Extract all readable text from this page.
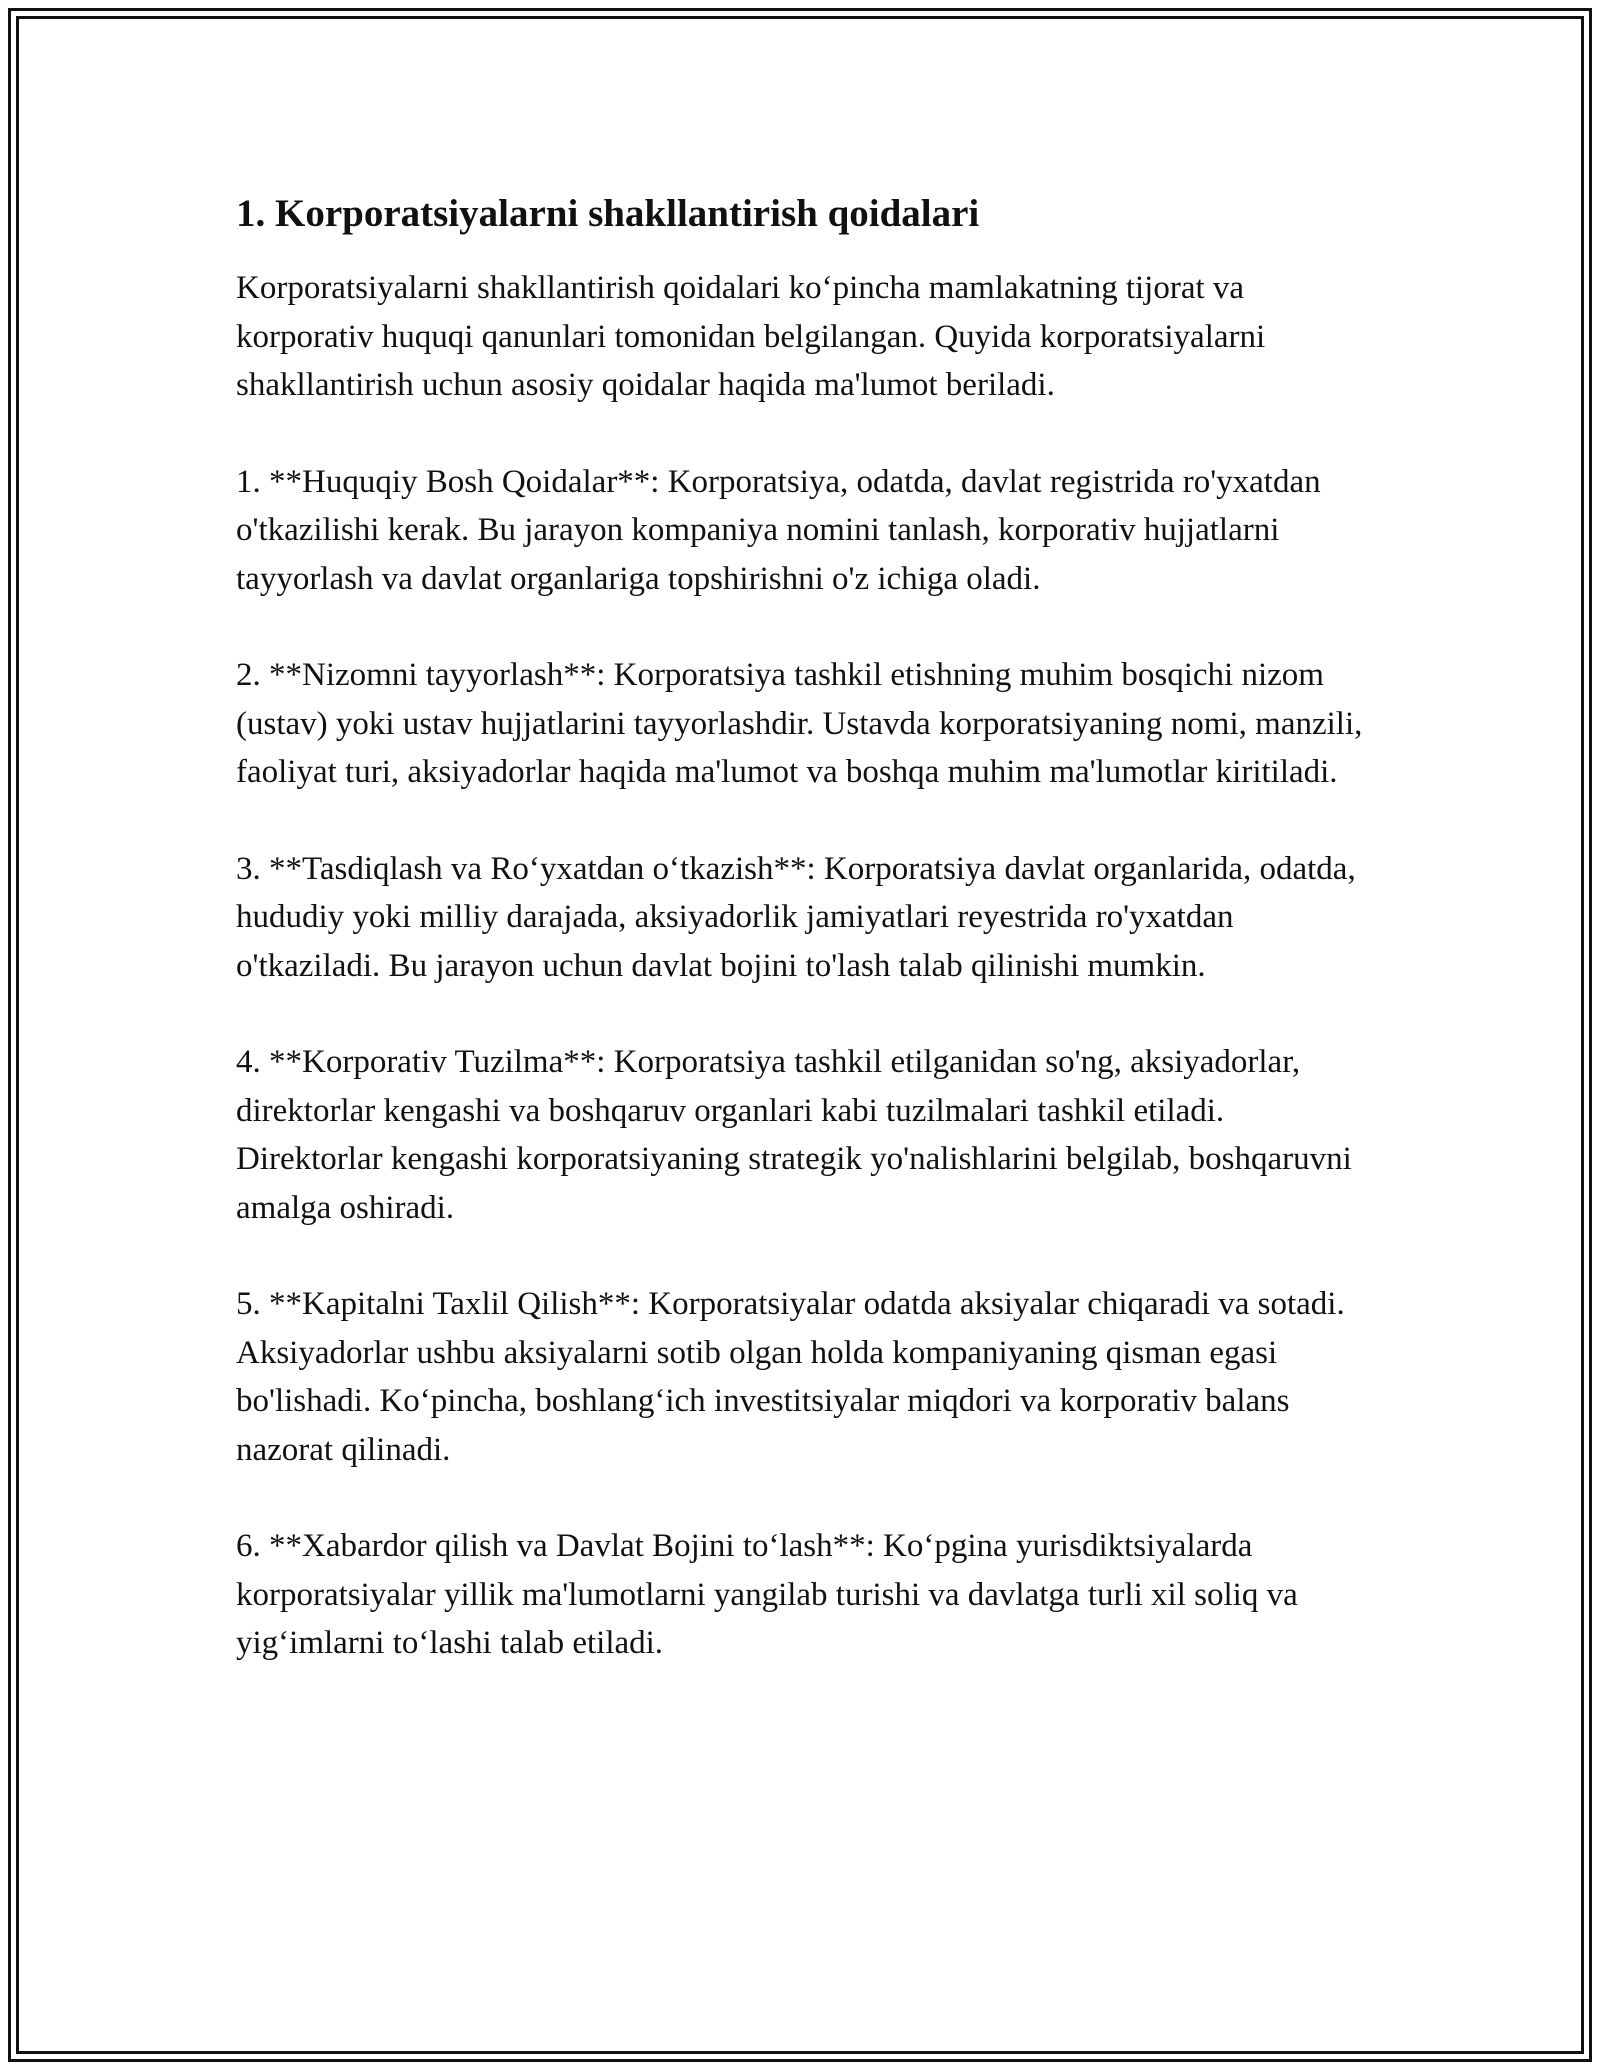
1. Korporatsiyalarni shakllantirish qoidalari

Korporatsiyalarni shakllantirish qoidalari ko‘pincha mamlakatning tijorat va korporativ huquqi qanunlari tomonidan belgilangan. Quyida korporatsiyalarni shakllantirish uchun asosiy qoidalar haqida ma'lumot beriladi.

1. **Huquqiy Bosh Qoidalar**: Korporatsiya, odatda, davlat registrida ro'yxatdan o'tkazilishi kerak. Bu jarayon kompaniya nomini tanlash, korporativ hujjatlarni tayyorlash va davlat organlariga topshirishni o'z ichiga oladi.

2. **Nizomni tayyorlash**: Korporatsiya tashkil etishning muhim bosqichi nizom (ustav) yoki ustav hujjatlarini tayyorlashdir. Ustavda korporatsiyaning nomi, manzili, faoliyat turi, aksiyadorlar haqida ma'lumot va boshqa muhim ma'lumotlar kiritiladi.

3. **Tasdiqlash va Ro‘yxatdan o‘tkazish**: Korporatsiya davlat organlarida, odatda, hududiy yoki milliy darajada, aksiyadorlik jamiyatlari reyestrida ro'yxatdan o'tkaziladi. Bu jarayon uchun davlat bojini to'lash talab qilinishi mumkin.

4. **Korporativ Tuzilma**: Korporatsiya tashkil etilganidan so'ng, aksiyadorlar, direktorlar kengashi va boshqaruv organlari kabi tuzilmalari tashkil etiladi. Direktorlar kengashi korporatsiyaning strategik yo'nalishlarini belgilab, boshqaruvni amalga oshiradi.

5. **Kapitalni Taxlil Qilish**: Korporatsiyalar odatda aksiyalar chiqaradi va sotadi. Aksiyadorlar ushbu aksiyalarni sotib olgan holda kompaniyaning qisman egasi bo'lishadi. Ko‘pincha, boshlang‘ich investitsiyalar miqdori va korporativ balans nazorat qilinadi.

6. **Xabardor qilish va Davlat Bojini to‘lash**: Ko‘pgina yurisdiktsiyalarda korporatsiyalar yillik ma'lumotlarni yangilab turishi va davlatga turli xil soliq va yig‘imlarni to‘lashi talab etiladi.
